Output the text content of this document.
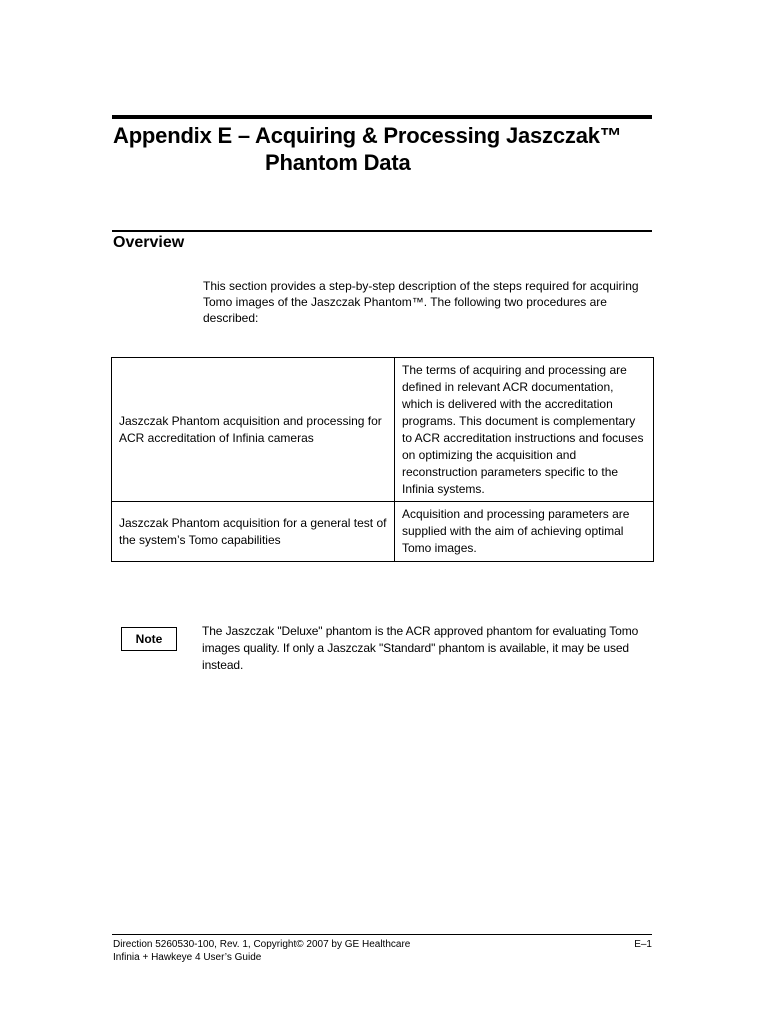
Appendix E – Acquiring & Processing Jaszczak™
Phantom Data
Overview
This section provides a step-by-step description of the steps required for acquiring Tomo images of the Jaszczak Phantom™. The following two procedures are described:
Jaszczak Phantom acquisition and processing for ACR accreditation of Infinia cameras	The terms of acquiring and processing are defined in relevant ACR documentation, which is delivered with the accreditation programs. This document is complementary to ACR accreditation instructions and focuses on optimizing the acquisition and reconstruction parameters specific to the Infinia systems.
Jaszczak Phantom acquisition for a general test of the system’s Tomo capabilities	Acquisition and processing parameters are supplied with the aim of achieving optimal Tomo images.
Note
The Jaszczak "Deluxe" phantom is the ACR approved phantom for evaluating Tomo images quality. If only a Jaszczak "Standard" phantom is available, it may be used instead.
Direction 5260530-100, Rev. 1, Copyright© 2007 by GE Healthcare
Infinia + Hawkeye 4 User’s Guide
E–1
